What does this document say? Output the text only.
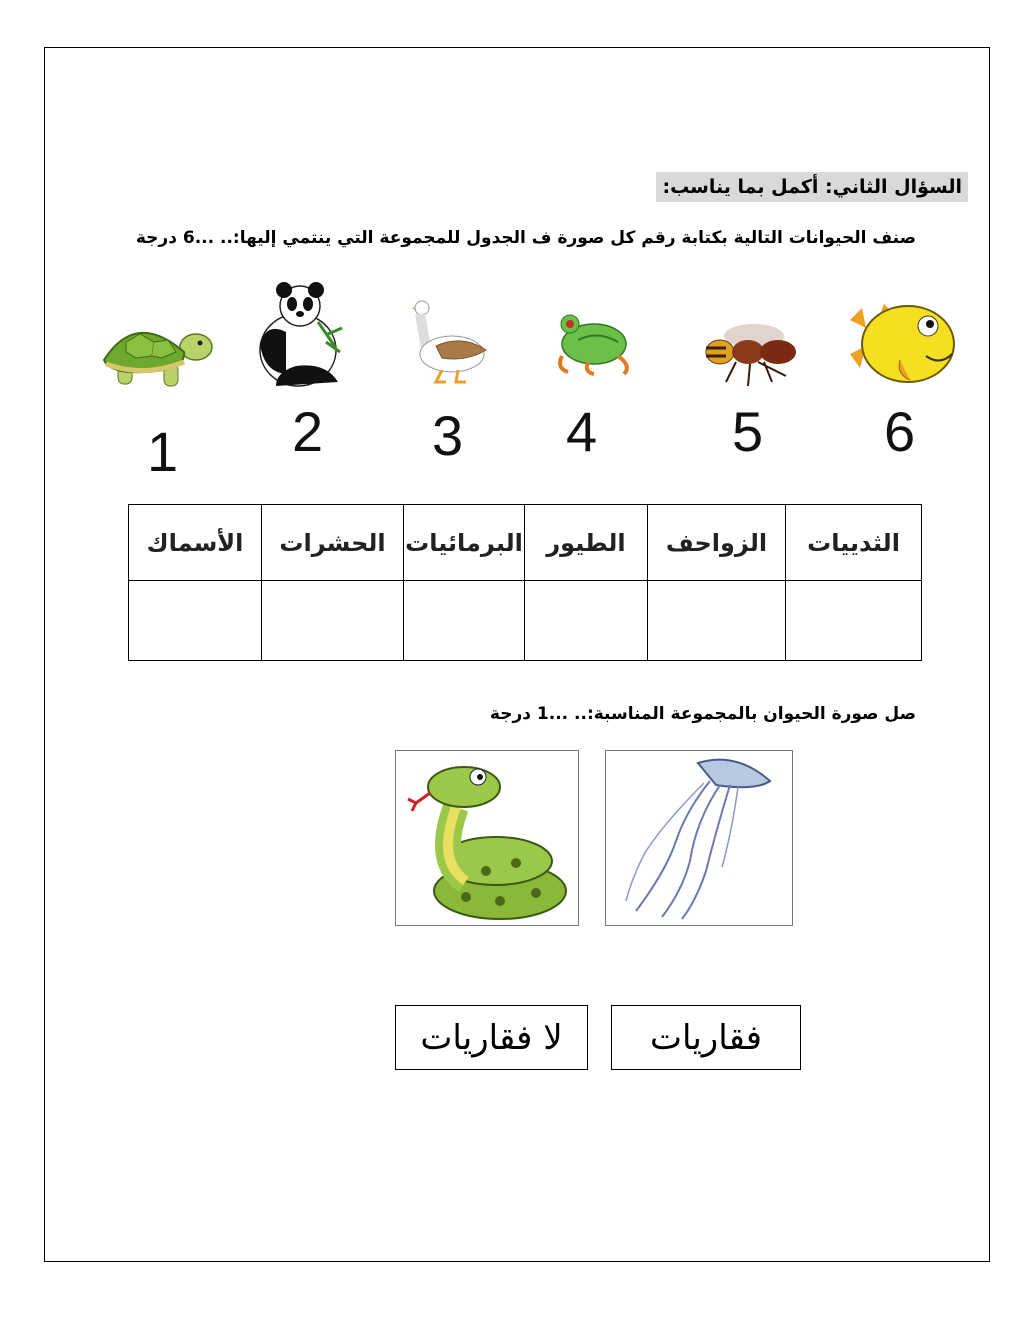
السؤال الثاني: أكمل بما يناسب:
صنف الحيوانات التالية بكتابة رقم كل صورة ف الجدول للمجموعة التي ينتمي إليها:.. ...6 درجة
1 2 3 4 5 6
الثدييات	الزواحف	الطيور	البرمائيات	الحشرات	الأسماك

صل صورة الحيوان بالمجموعة المناسبة:.. ...1 درجة
لا فقاريات	فقاريات
